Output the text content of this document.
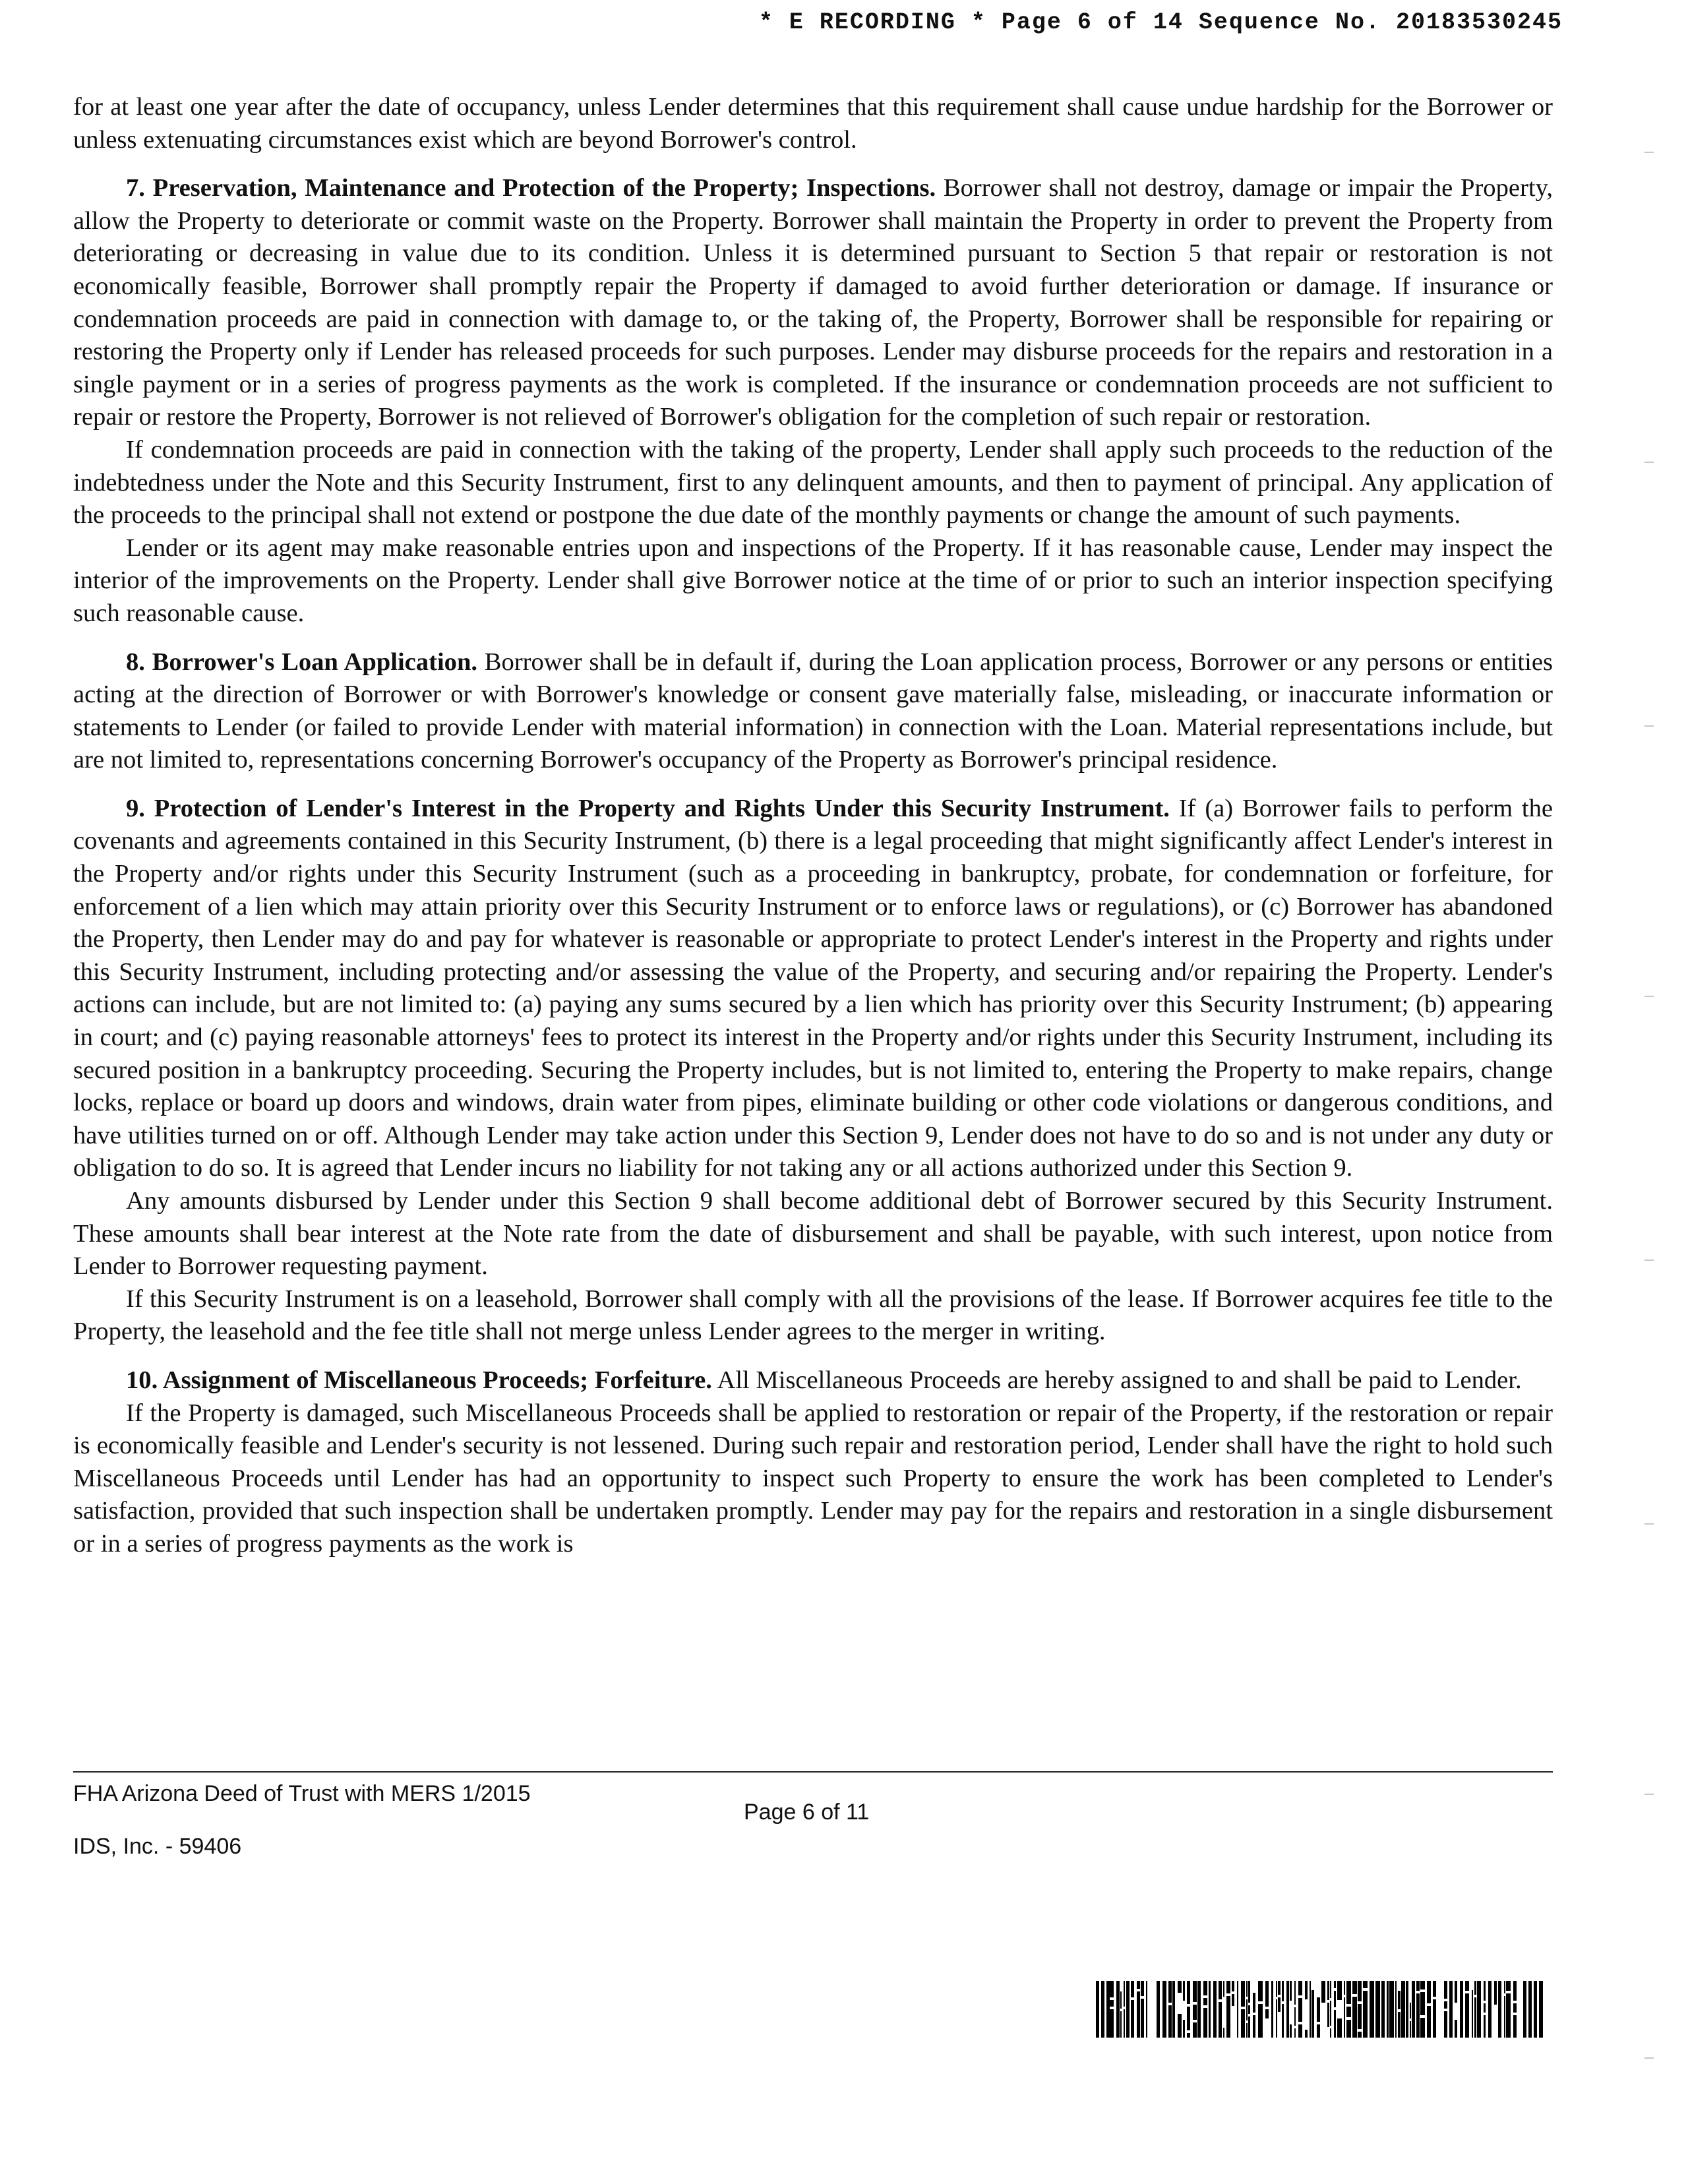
* E RECORDING * Page 6 of 14 Sequence No. 20183530245

for at least one year after the date of occupancy, unless Lender determines that this requirement shall cause undue hardship for the Borrower or unless extenuating circumstances exist which are beyond Borrower's control.

7. Preservation, Maintenance and Protection of the Property; Inspections. Borrower shall not destroy, damage or impair the Property, allow the Property to deteriorate or commit waste on the Property. Borrower shall maintain the Property in order to prevent the Property from deteriorating or decreasing in value due to its condition. Unless it is determined pursuant to Section 5 that repair or restoration is not economically feasible, Borrower shall promptly repair the Property if damaged to avoid further deterioration or damage. If insurance or condemnation proceeds are paid in connection with damage to, or the taking of, the Property, Borrower shall be responsible for repairing or restoring the Property only if Lender has released proceeds for such purposes. Lender may disburse proceeds for the repairs and restoration in a single payment or in a series of progress payments as the work is completed. If the insurance or condemnation proceeds are not sufficient to repair or restore the Property, Borrower is not relieved of Borrower's obligation for the completion of such repair or restoration.

If condemnation proceeds are paid in connection with the taking of the property, Lender shall apply such proceeds to the reduction of the indebtedness under the Note and this Security Instrument, first to any delinquent amounts, and then to payment of principal. Any application of the proceeds to the principal shall not extend or postpone the due date of the monthly payments or change the amount of such payments.

Lender or its agent may make reasonable entries upon and inspections of the Property. If it has reasonable cause, Lender may inspect the interior of the improvements on the Property. Lender shall give Borrower notice at the time of or prior to such an interior inspection specifying such reasonable cause.

8. Borrower's Loan Application. Borrower shall be in default if, during the Loan application process, Borrower or any persons or entities acting at the direction of Borrower or with Borrower's knowledge or consent gave materially false, misleading, or inaccurate information or statements to Lender (or failed to provide Lender with material information) in connection with the Loan. Material representations include, but are not limited to, representations concerning Borrower's occupancy of the Property as Borrower's principal residence.

9. Protection of Lender's Interest in the Property and Rights Under this Security Instrument. If (a) Borrower fails to perform the covenants and agreements contained in this Security Instrument, (b) there is a legal proceeding that might significantly affect Lender's interest in the Property and/or rights under this Security Instrument (such as a proceeding in bankruptcy, probate, for condemnation or forfeiture, for enforcement of a lien which may attain priority over this Security Instrument or to enforce laws or regulations), or (c) Borrower has abandoned the Property, then Lender may do and pay for whatever is reasonable or appropriate to protect Lender's interest in the Property and rights under this Security Instrument, including protecting and/or assessing the value of the Property, and securing and/or repairing the Property. Lender's actions can include, but are not limited to: (a) paying any sums secured by a lien which has priority over this Security Instrument; (b) appearing in court; and (c) paying reasonable attorneys' fees to protect its interest in the Property and/or rights under this Security Instrument, including its secured position in a bankruptcy proceeding. Securing the Property includes, but is not limited to, entering the Property to make repairs, change locks, replace or board up doors and windows, drain water from pipes, eliminate building or other code violations or dangerous conditions, and have utilities turned on or off. Although Lender may take action under this Section 9, Lender does not have to do so and is not under any duty or obligation to do so. It is agreed that Lender incurs no liability for not taking any or all actions authorized under this Section 9.

Any amounts disbursed by Lender under this Section 9 shall become additional debt of Borrower secured by this Security Instrument. These amounts shall bear interest at the Note rate from the date of disbursement and shall be payable, with such interest, upon notice from Lender to Borrower requesting payment.

If this Security Instrument is on a leasehold, Borrower shall comply with all the provisions of the lease. If Borrower acquires fee title to the Property, the leasehold and the fee title shall not merge unless Lender agrees to the merger in writing.

10. Assignment of Miscellaneous Proceeds; Forfeiture. All Miscellaneous Proceeds are hereby assigned to and shall be paid to Lender.

If the Property is damaged, such Miscellaneous Proceeds shall be applied to restoration or repair of the Property, if the restoration or repair is economically feasible and Lender's security is not lessened. During such repair and restoration period, Lender shall have the right to hold such Miscellaneous Proceeds until Lender has had an opportunity to inspect such Property to ensure the work has been completed to Lender's satisfaction, provided that such inspection shall be undertaken promptly. Lender may pay for the repairs and restoration in a single disbursement or in a series of progress payments as the work is

FHA Arizona Deed of Trust with MERS 1/2015
Page 6 of 11
IDS, Inc. - 59406
